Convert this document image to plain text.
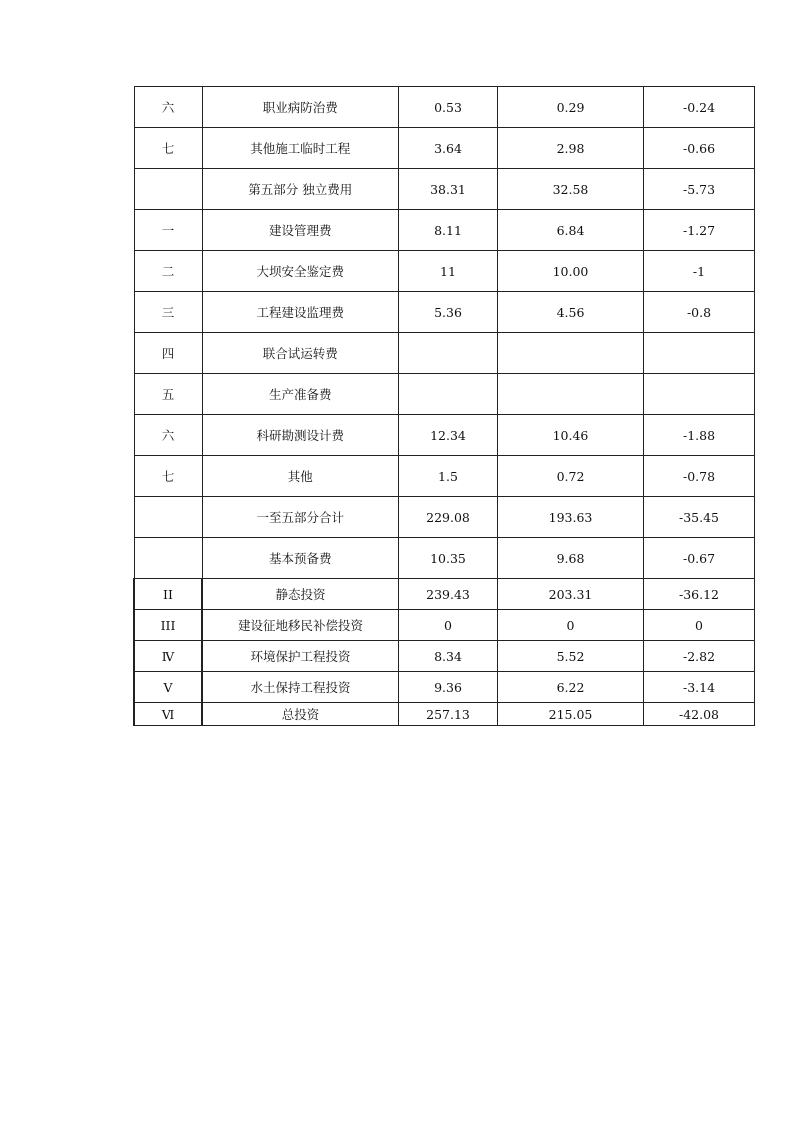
六	职业病防治费	0.53	0.29	-0.24
七	其他施工临时工程	3.64	2.98	-0.66
	第五部分 独立费用	38.31	32.58	-5.73
一	建设管理费	8.11	6.84	-1.27
二	大坝安全鉴定费	11	10.00	-1
三	工程建设监理费	5.36	4.56	-0.8
四	联合试运转费			
五	生产准备费			
六	科研勘测设计费	12.34	10.46	-1.88
七	其他	1.5	0.72	-0.78
	一至五部分合计	229.08	193.63	-35.45
	基本预备费	10.35	9.68	-0.67
II	静态投资	239.43	203.31	-36.12
III	建设征地移民补偿投资	0	0	0
Ⅳ	环境保护工程投资	8.34	5.52	-2.82
V	水土保持工程投资	9.36	6.22	-3.14
Ⅵ	总投资	257.13	215.05	-42.08
